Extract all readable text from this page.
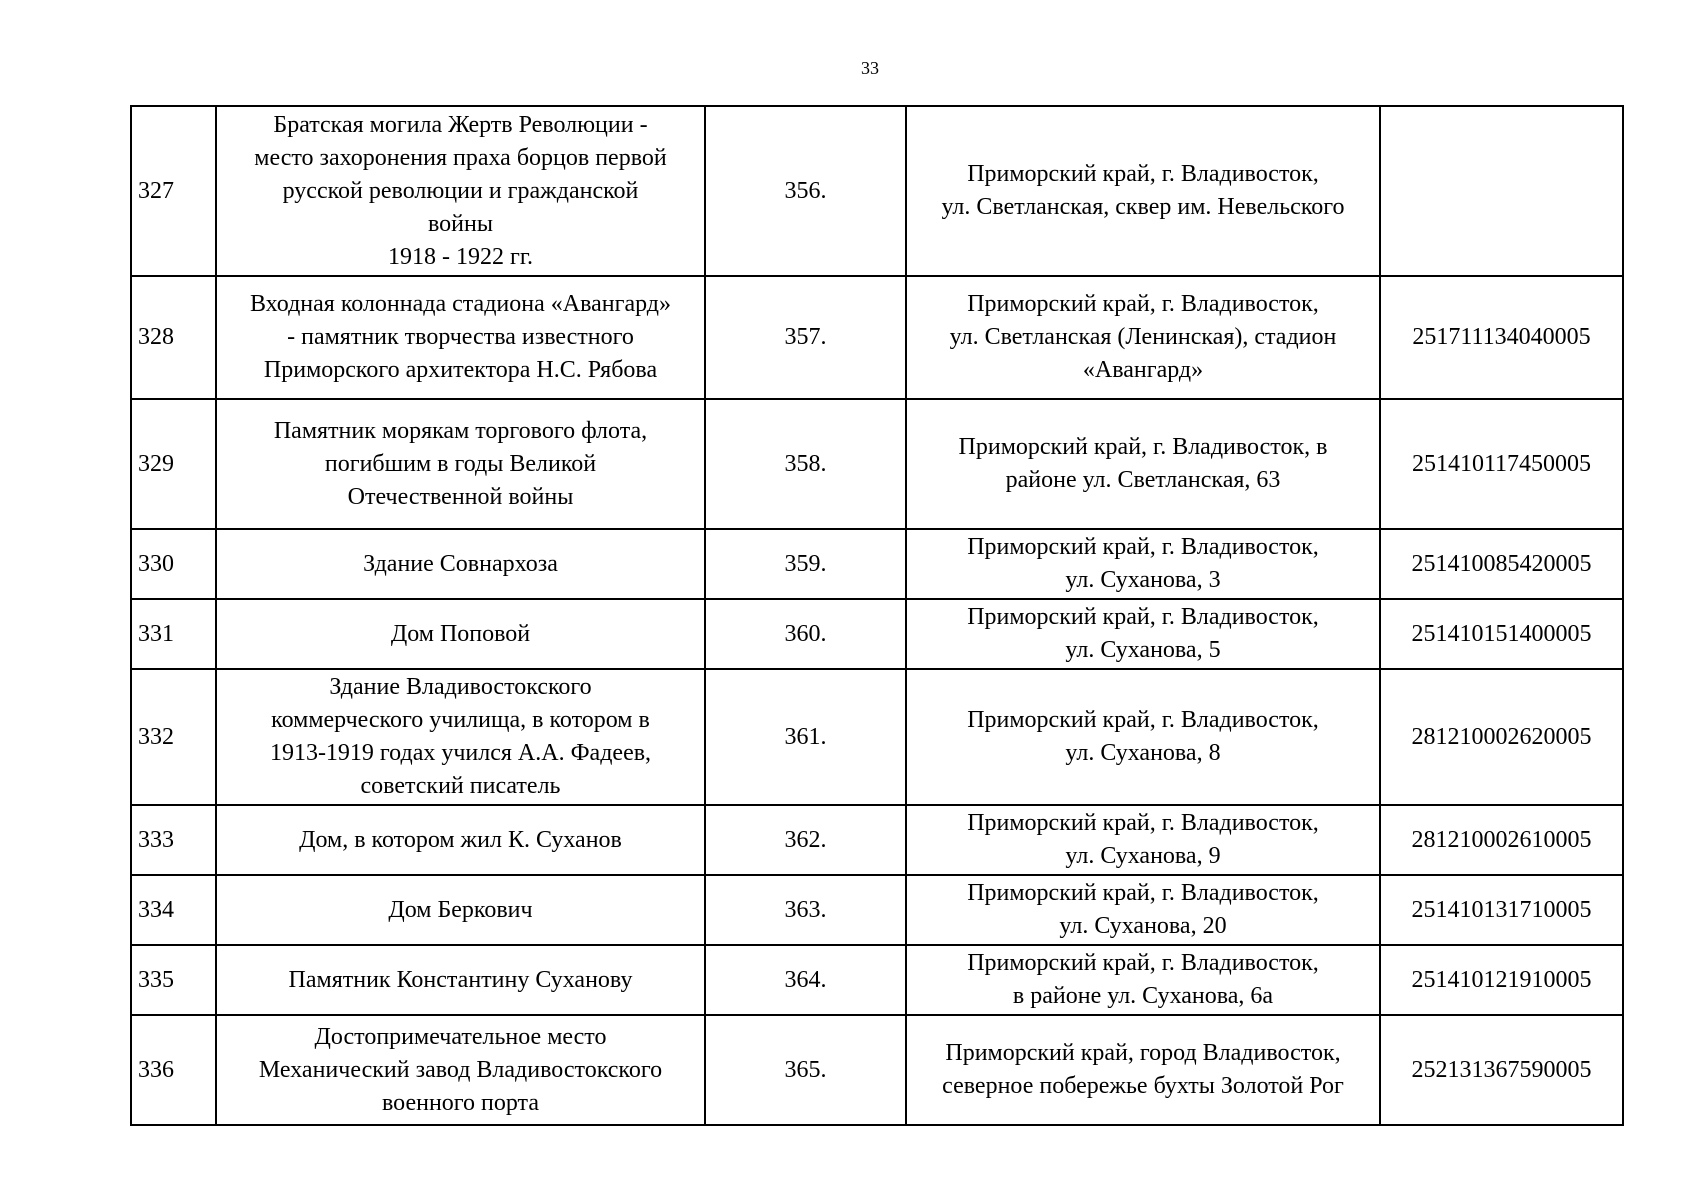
33
327	Братская могила Жертв Революции -
место захоронения праха борцов первой
русской революции и гражданской
войны
1918 - 1922 гг.	356.	Приморский край, г. Владивосток,
ул. Светланская, сквер им. Невельского	

328	Входная колоннада стадиона «Авангард»
- памятник творчества известного
Приморского архитектора Н.С. Рябова	357.	Приморский край, г. Владивосток,
ул. Светланская (Ленинская), стадион
«Авангард»	251711134040005
329	Памятник морякам торгового флота,
погибшим в годы Великой
Отечественной войны	358.	Приморский край, г. Владивосток, в
районе ул. Светланская, 63	251410117450005
330	Здание Совнархоза	359.	Приморский край, г. Владивосток,
ул. Суханова, 3	251410085420005
331	Дом Поповой	360.	Приморский край, г. Владивосток,
ул. Суханова, 5	251410151400005
332	Здание Владивостокского
коммерческого училища, в котором в
1913-1919 годах учился А.А. Фадеев,
советский писатель	361.	Приморский край, г. Владивосток,
ул. Суханова, 8	281210002620005
333	Дом, в котором жил К. Суханов	362.	Приморский край, г. Владивосток,
ул. Суханова, 9	281210002610005
334	Дом Беркович	363.	Приморский край, г. Владивосток,
ул. Суханова, 20	251410131710005
335	Памятник Константину Суханову	364.	Приморский край, г. Владивосток,
в районе ул. Суханова, 6а	251410121910005
336	Достопримечательное место
Механический завод Владивостокского
военного порта	365.	Приморский край, город Владивосток,
северное побережье бухты Золотой Рог	252131367590005
